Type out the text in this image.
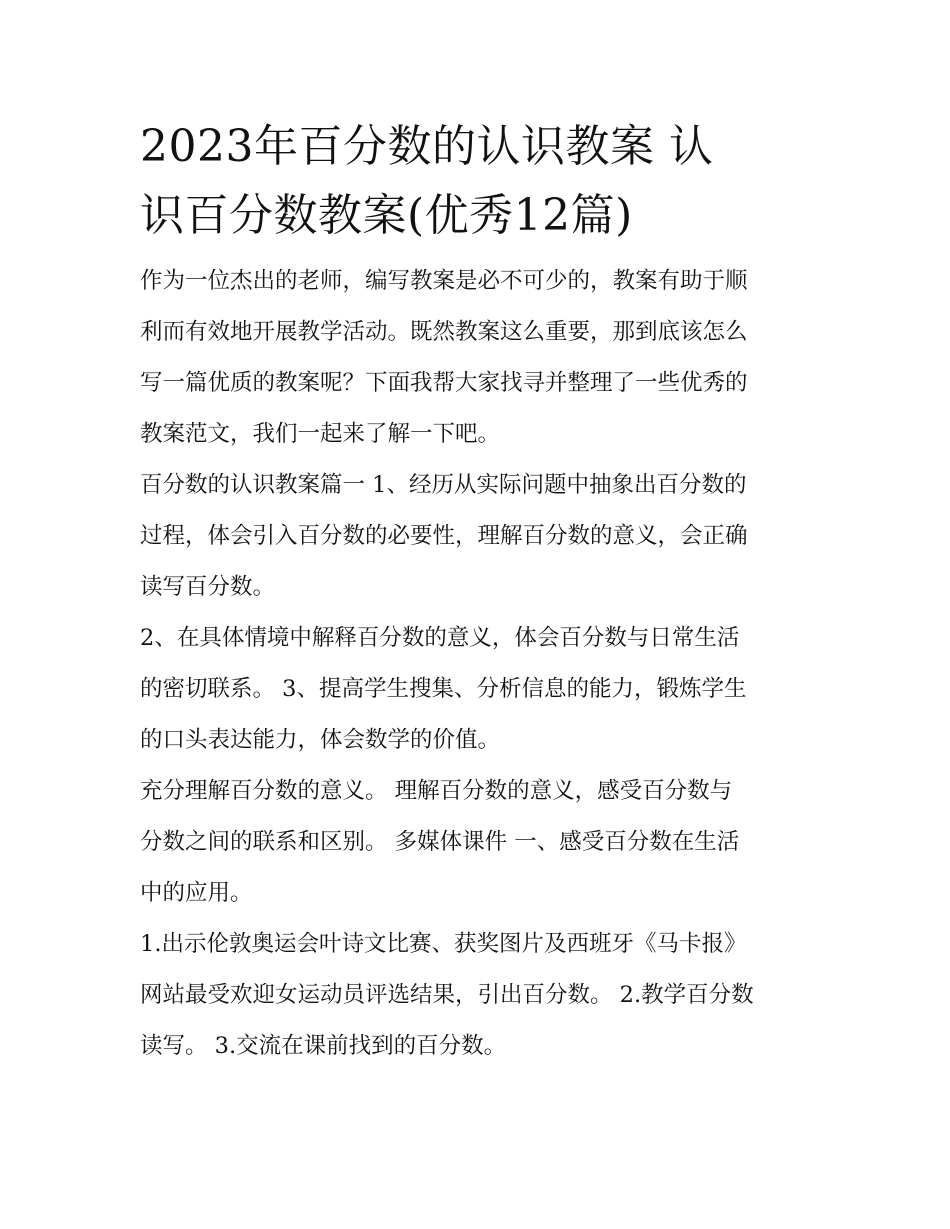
2023年百分数的认识教案 认
识百分数教案(优秀12篇)
作为一位杰出的老师，编写教案是必不可少的，教案有助于顺
利而有效地开展教学活动。既然教案这么重要，那到底该怎么
写一篇优质的教案呢？下面我帮大家找寻并整理了一些优秀的
教案范文，我们一起来了解一下吧。
百分数的认识教案篇一 1、经历从实际问题中抽象出百分数的
过程，体会引入百分数的必要性，理解百分数的意义，会正确
读写百分数。
2、在具体情境中解释百分数的意义，体会百分数与日常生活
的密切联系。 3、提高学生搜集、分析信息的能力，锻炼学生
的口头表达能力，体会数学的价值。
充分理解百分数的意义。 理解百分数的意义，感受百分数与
分数之间的联系和区别。 多媒体课件 一、感受百分数在生活
中的应用。
1.出示伦敦奥运会叶诗文比赛、获奖图片及西班牙《马卡报》
网站最受欢迎女运动员评选结果，引出百分数。 2.教学百分数
读写。 3.交流在课前找到的百分数。
